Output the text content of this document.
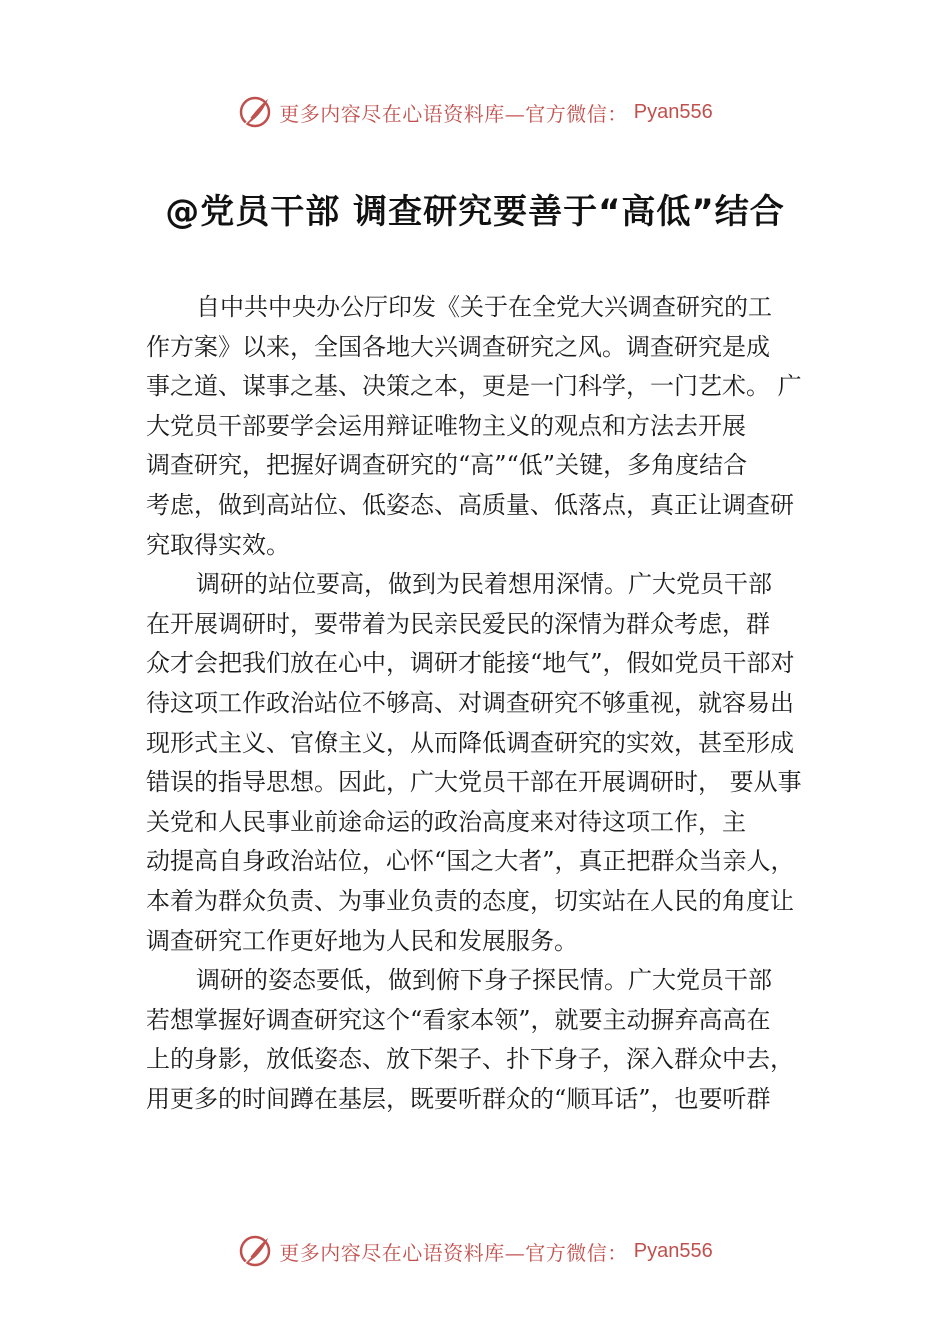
更多内容尽在心语资料库—官方微信： Pyan556
@党员干部 调查研究要善于“高低”结合
自中共中央办公厅印发《关于在全党大兴调查研究的工
作方案》以来，全国各地大兴调查研究之风。调查研究是成
事之道、谋事之基、决策之本，更是一门科学，一门艺术。 广
大党员干部要学会运用辩证唯物主义的观点和方法去开展
调查研究，把握好调查研究的“高”“低”关键，多角度结合
考虑，做到高站位、低姿态、高质量、低落点，真正让调查研
究取得实效。
调研的站位要高，做到为民着想用深情。广大党员干部
在开展调研时，要带着为民亲民爱民的深情为群众考虑，群
众才会把我们放在心中，调研才能接“地气”，假如党员干部对
待这项工作政治站位不够高、对调查研究不够重视，就容易出
现形式主义、官僚主义，从而降低调查研究的实效，甚至形成
错误的指导思想。因此，广大党员干部在开展调研时， 要从事
关党和人民事业前途命运的政治高度来对待这项工作，主
动提高自身政治站位，心怀“国之大者”，真正把群众当亲人，
本着为群众负责、为事业负责的态度，切实站在人民的角度让
调查研究工作更好地为人民和发展服务。
调研的姿态要低，做到俯下身子探民情。广大党员干部
若想掌握好调查研究这个“看家本领”，就要主动摒弃高高在
上的身影，放低姿态、放下架子、扑下身子，深入群众中去，
用更多的时间蹲在基层，既要听群众的“顺耳话”，也要听群
更多内容尽在心语资料库—官方微信： Pyan556
